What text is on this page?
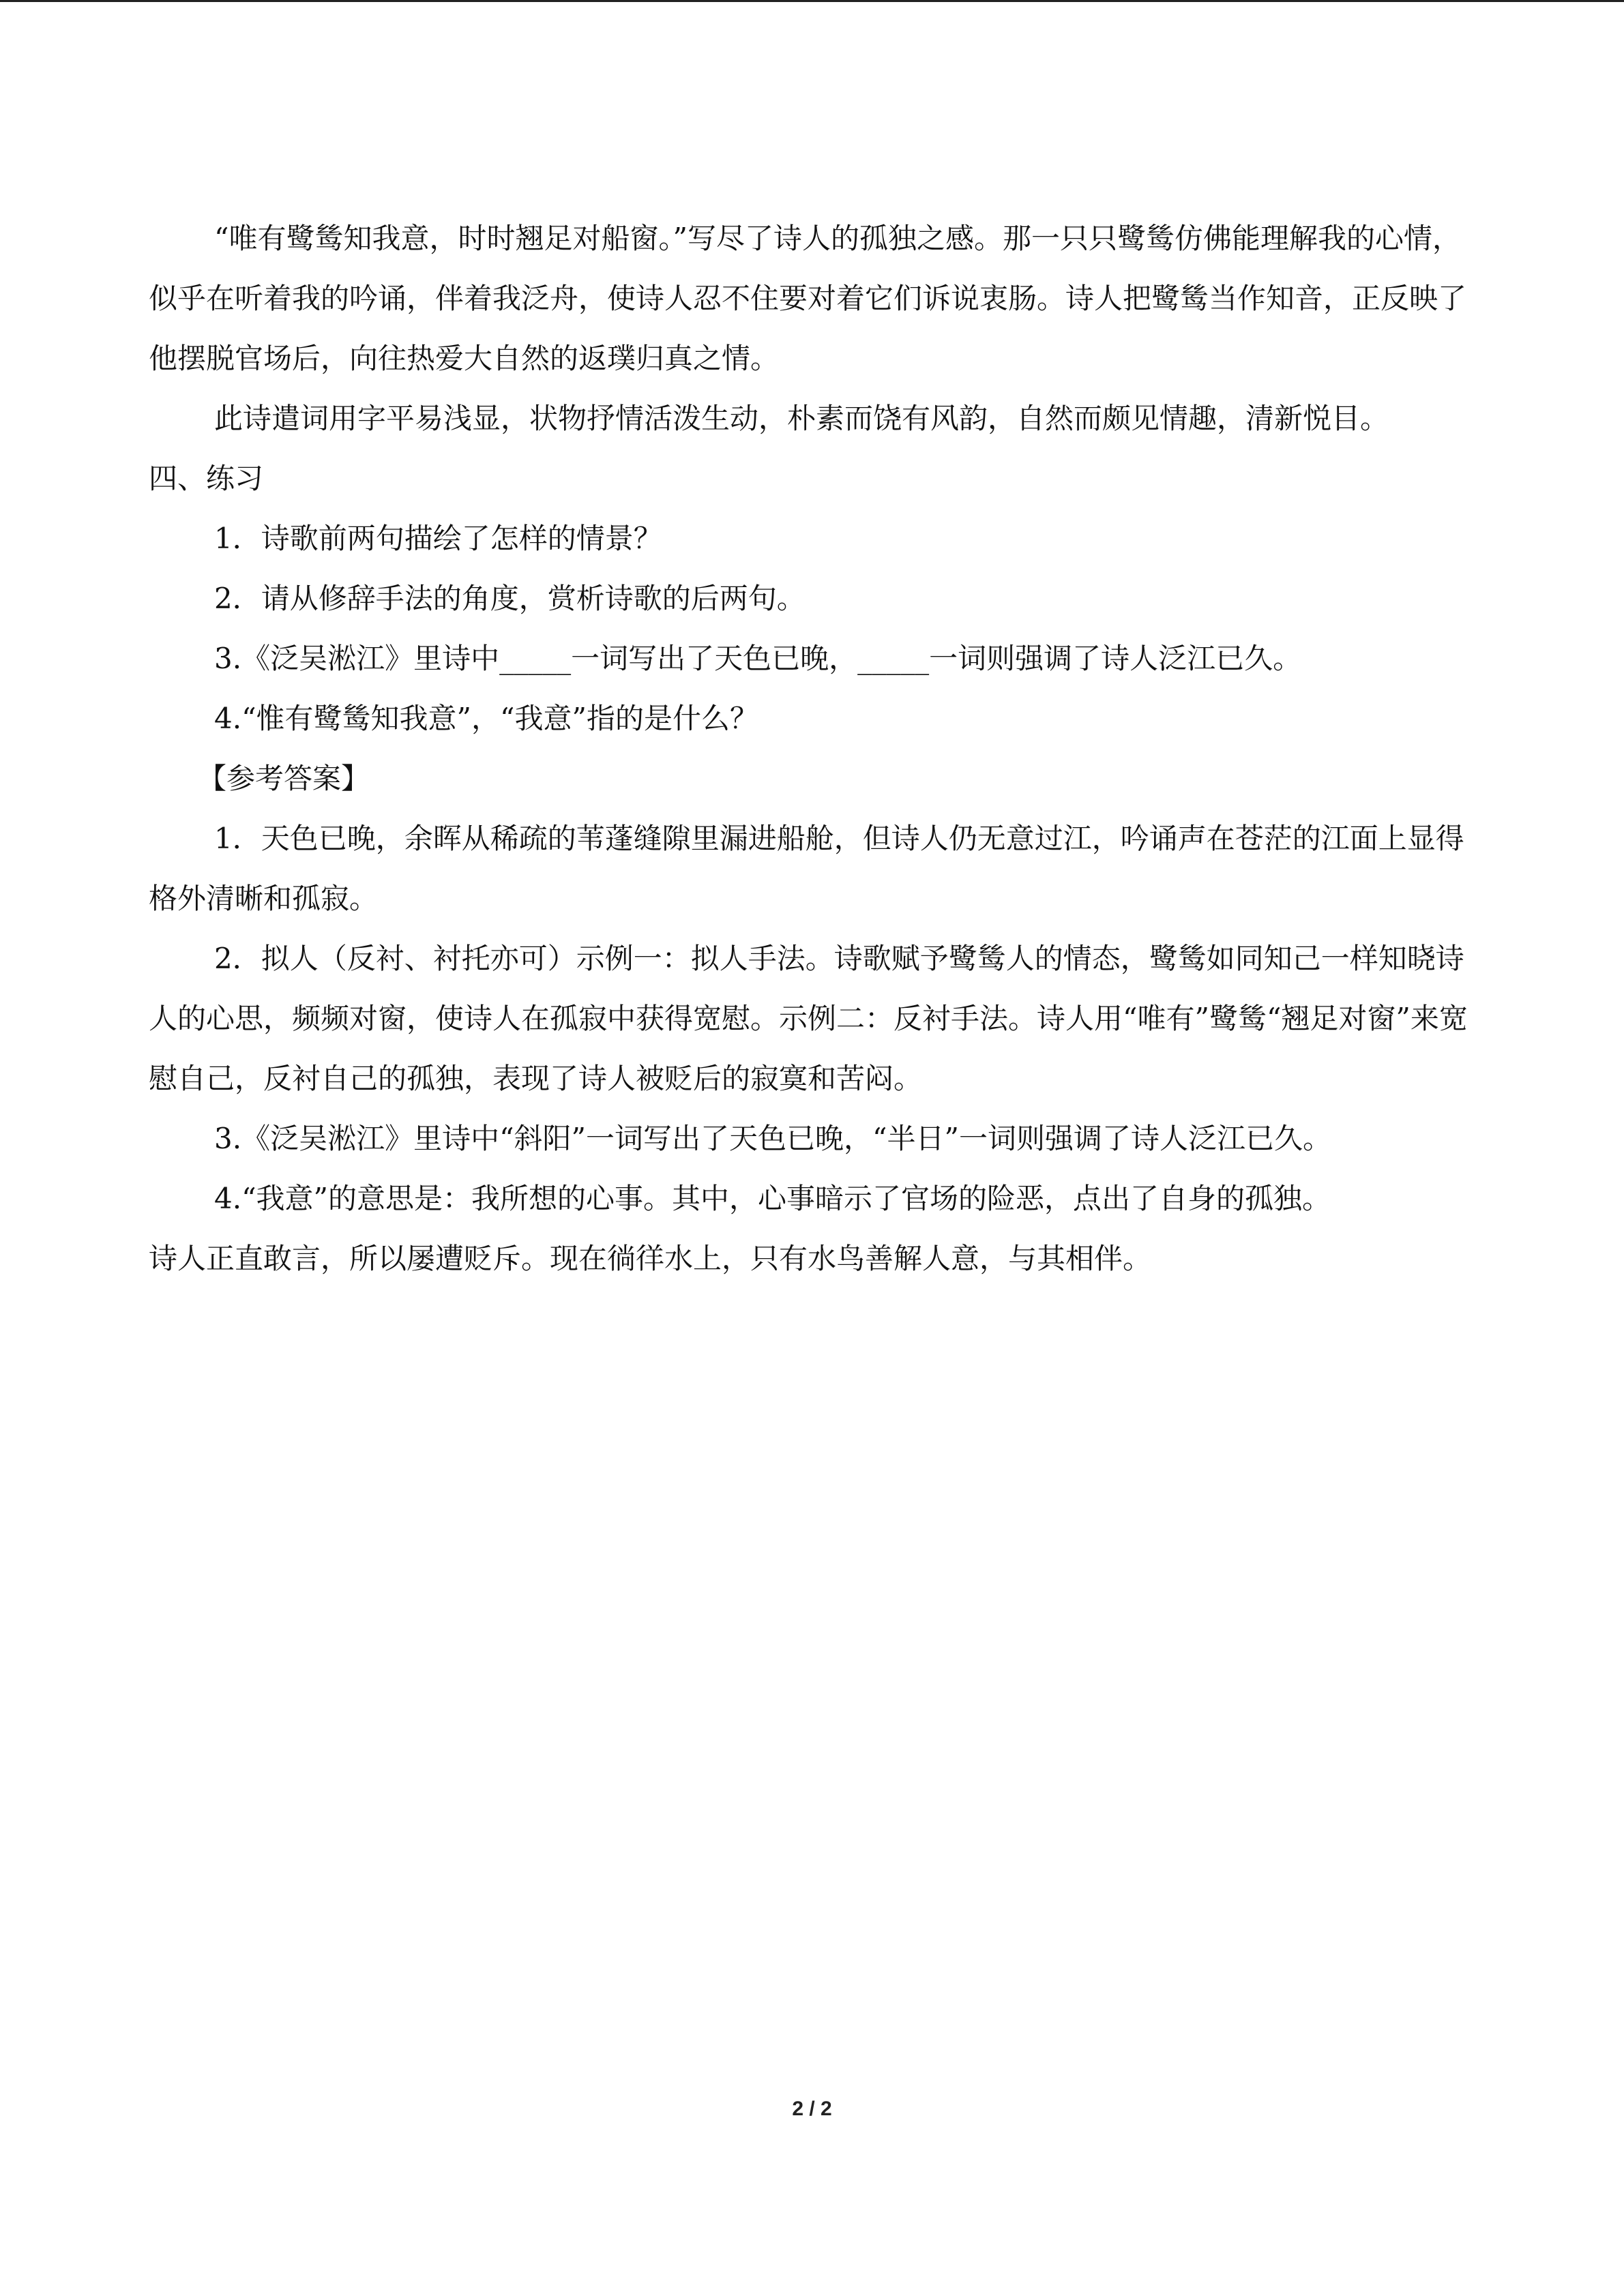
“唯有鹭鸶知我意，时时翘足对船窗。”写尽了诗人的孤独之感。那一只只鹭鸶仿佛能理解我的心情，似乎在听着我的吟诵，伴着我泛舟，使诗人忍不住要对着它们诉说衷肠。诗人把鹭鸶当作知音，正反映了他摆脱官场后，向往热爱大自然的返璞归真之情。

此诗遣词用字平易浅显，状物抒情活泼生动，朴素而饶有风韵，自然而颇见情趣，清新悦目。

四、练习

1．诗歌前两句描绘了怎样的情景？

2．请从修辞手法的角度，赏析诗歌的后两句。

3.《泛吴淞江》里诗中_____一词写出了天色已晚，_____一词则强调了诗人泛江已久。

4.“惟有鹭鸶知我意”，“我意”指的是什么？

【参考答案】

1．天色已晚，余晖从稀疏的苇蓬缝隙里漏进船舱，但诗人仍无意过江，吟诵声在苍茫的江面上显得格外清晰和孤寂。

2．拟人（反衬、衬托亦可）示例一：拟人手法。诗歌赋予鹭鸶人的情态，鹭鸶如同知己一样知晓诗人的心思，频频对窗，使诗人在孤寂中获得宽慰。示例二：反衬手法。诗人用“唯有”鹭鸶“翘足对窗”来宽慰自己，反衬自己的孤独，表现了诗人被贬后的寂寞和苦闷。

3.《泛吴淞江》里诗中“斜阳”一词写出了天色已晚，“半日”一词则强调了诗人泛江已久。

4.“我意”的意思是：我所想的心事。其中，心事暗示了官场的险恶，点出了自身的孤独。

诗人正直敢言，所以屡遭贬斥。现在徜徉水上，只有水鸟善解人意，与其相伴。

2 / 2
